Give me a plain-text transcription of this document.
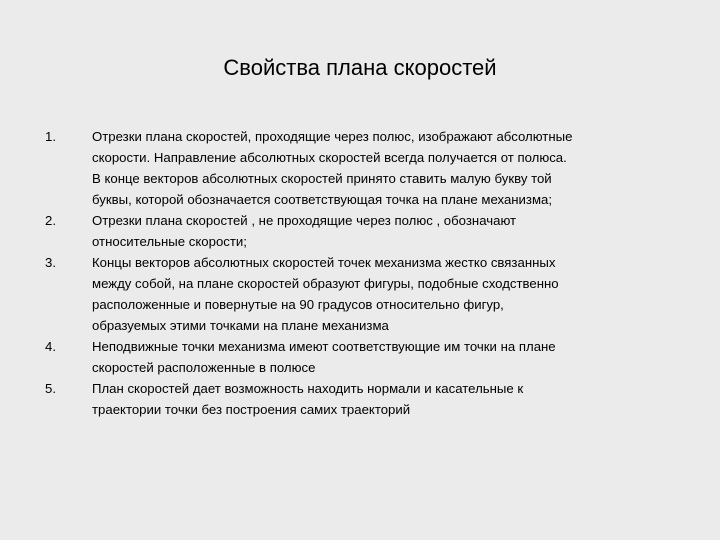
Свойства плана скоростей
1.	Отрезки плана скоростей, проходящие через полюс, изображают абсолютные
скорости. Направление абсолютных скоростей всегда получается от полюса.
В конце векторов абсолютных скоростей принято ставить малую букву той
буквы, которой обозначается соответствующая точка на плане механизма;
2.	Отрезки плана скоростей , не проходящие через полюс , обозначают
относительные скорости;
3.	Концы векторов абсолютных скоростей точек механизма жестко связанных
между собой, на плане скоростей образуют фигуры, подобные сходственно
расположенные и повернутые на 90 градусов относительно фигур,
образуемых этими точками на плане механизма
4.	Неподвижные точки механизма имеют соответствующие им точки на плане
скоростей расположенные в полюсе
5.	План скоростей дает возможность находить нормали и касательные к
траектории точки без построения самих траекторий
